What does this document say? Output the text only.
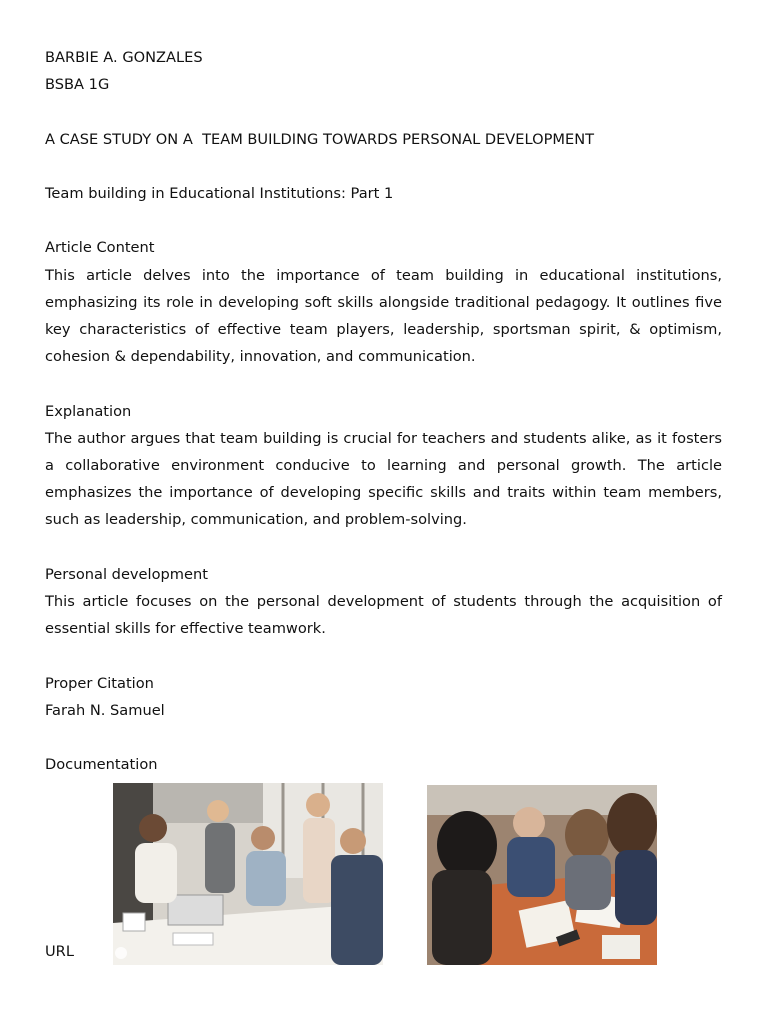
BARBIE A. GONZALES

BSBA 1G

A CASE STUDY ON A  TEAM BUILDING TOWARDS PERSONAL DEVELOPMENT

Team building in Educational Institutions: Part 1

Article Content

This article delves into the importance of team building in educational institutions, emphasizing its role in developing soft skills alongside traditional pedagogy. It outlines five key characteristics of effective team players, leadership, sportsman spirit, & optimism, cohesion & dependability, innovation, and communication.

Explanation

The author argues that team building is crucial for teachers and students alike, as it fosters a collaborative environment conducive to learning and personal growth. The article emphasizes the importance of developing specific skills and traits within team members, such as leadership, communication, and problem-solving.

Personal development

This article focuses on the personal development of students through the acquisition of essential skills for effective teamwork.

Proper Citation

Farah N. Samuel

Documentation

URL
